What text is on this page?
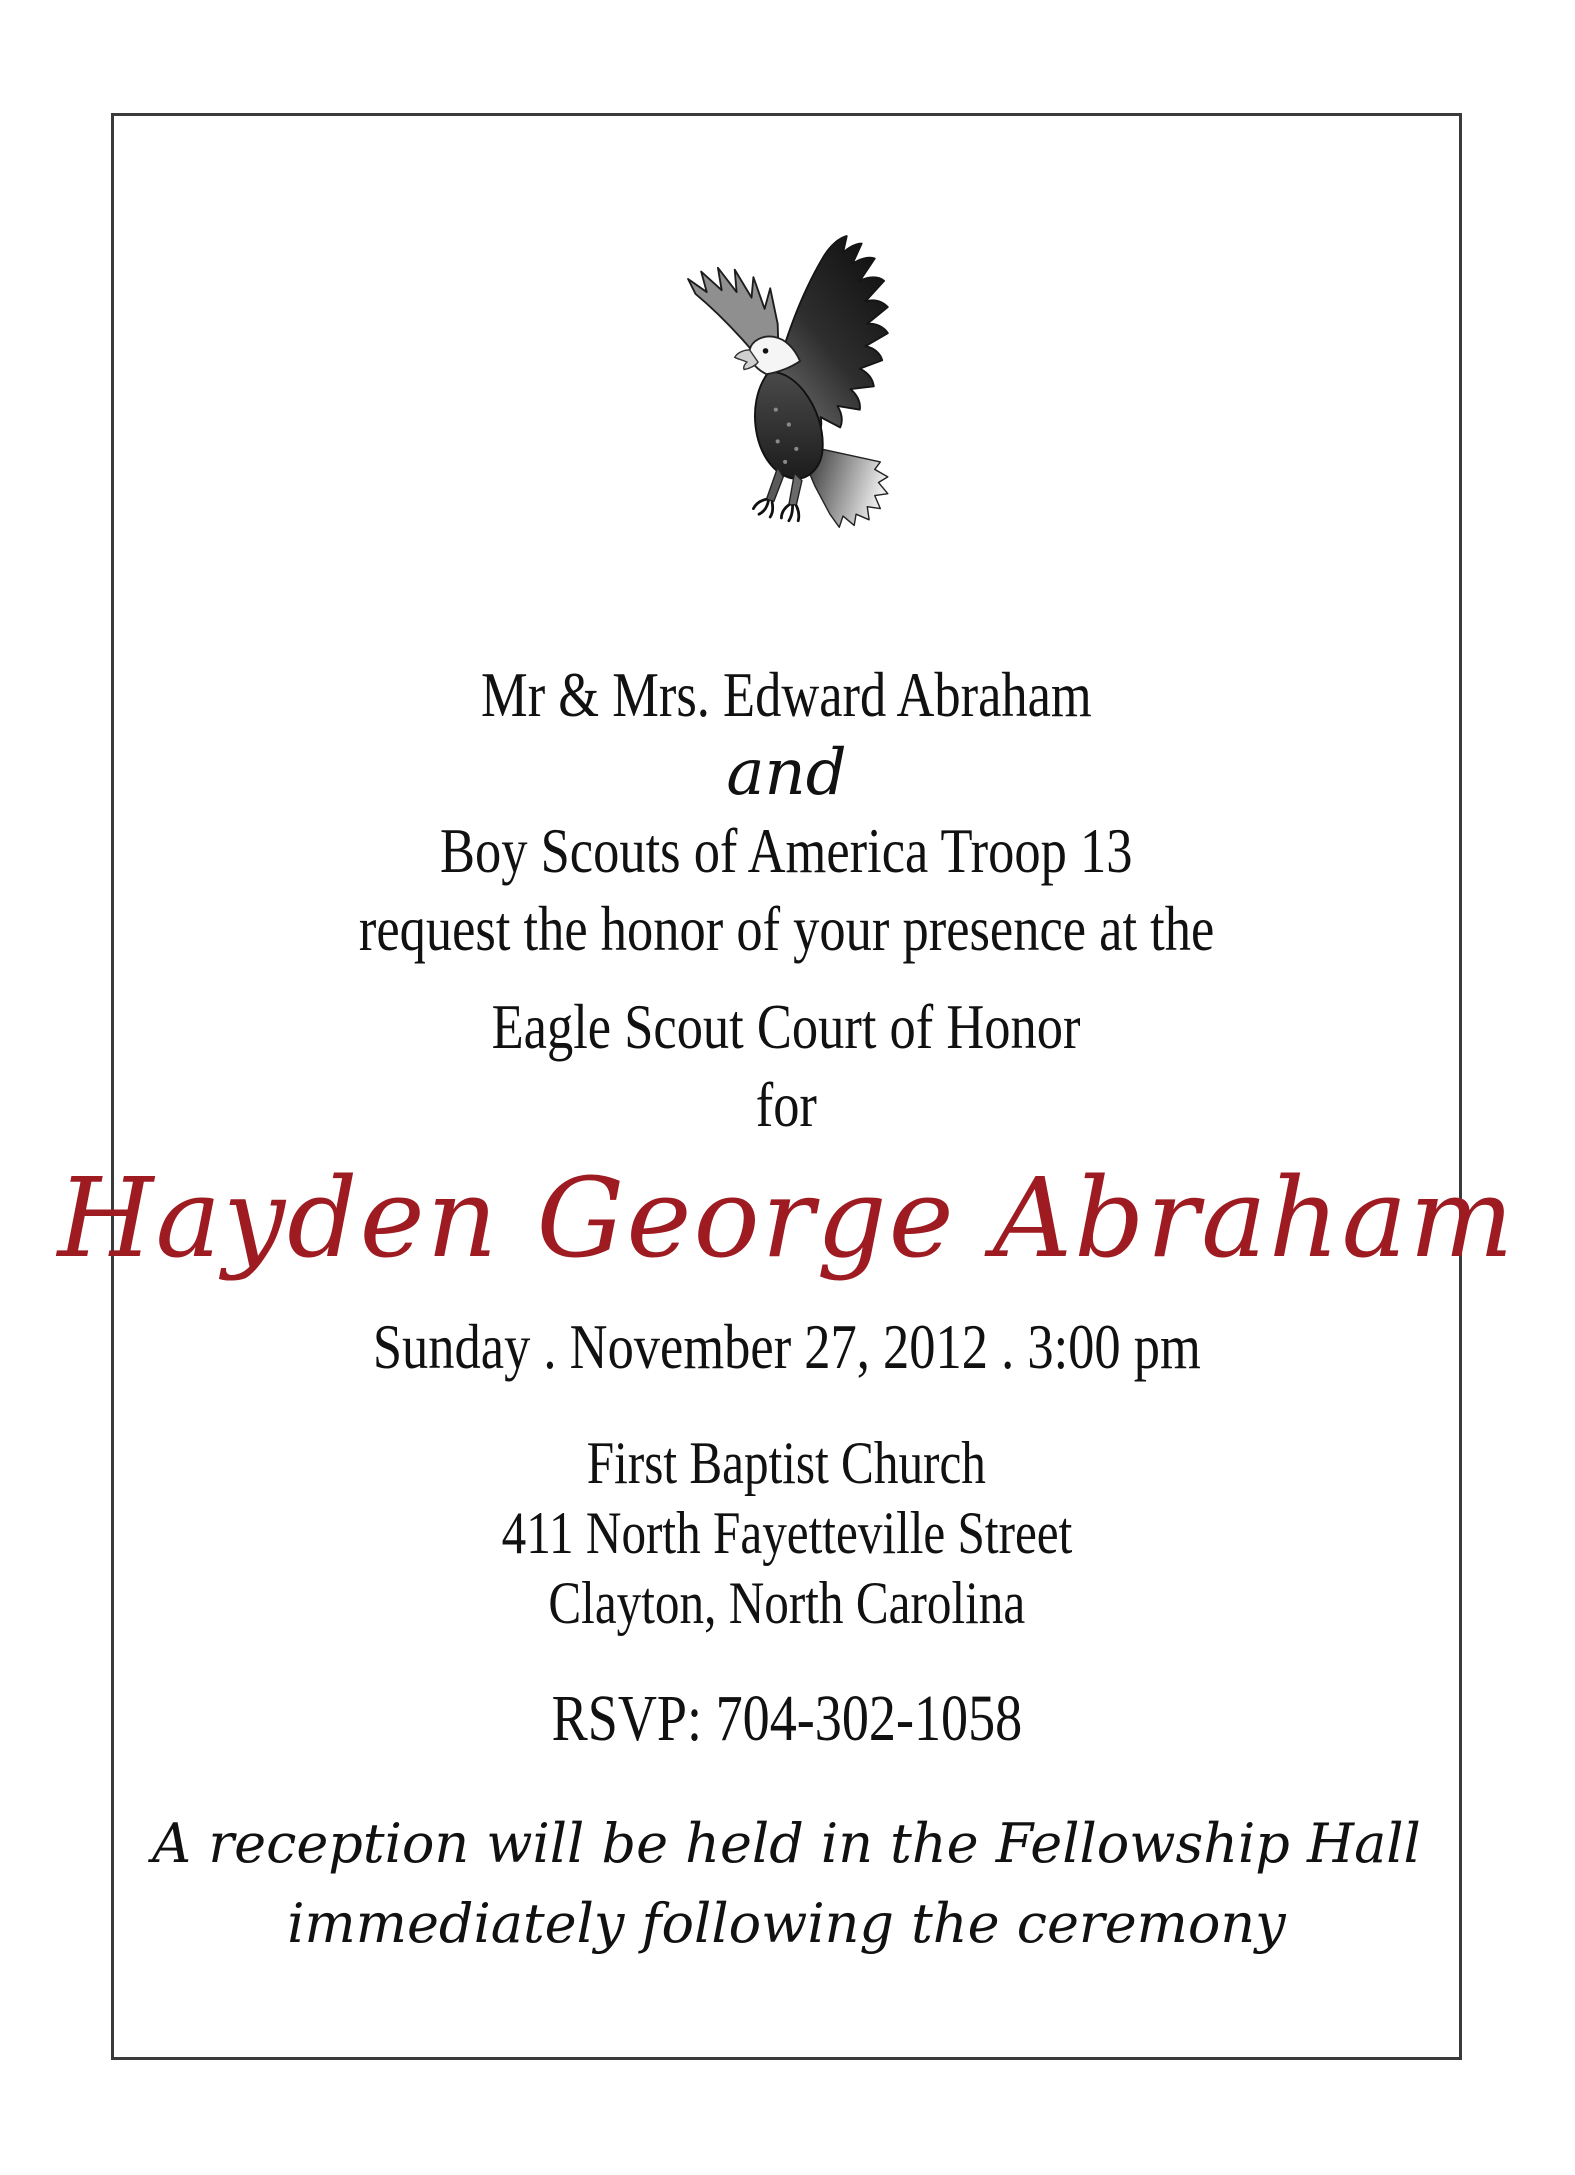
Mr & Mrs. Edward Abraham
and
Boy Scouts of America Troop 13
request the honor of your presence at the
Eagle Scout Court of Honor
for
Hayden George Abraham
Sunday . November 27, 2012 . 3:00 pm
First Baptist Church
411 North Fayetteville Street
Clayton, North Carolina
RSVP: 704-302-1058
A reception will be held in the Fellowship Hall
immediately following the ceremony
